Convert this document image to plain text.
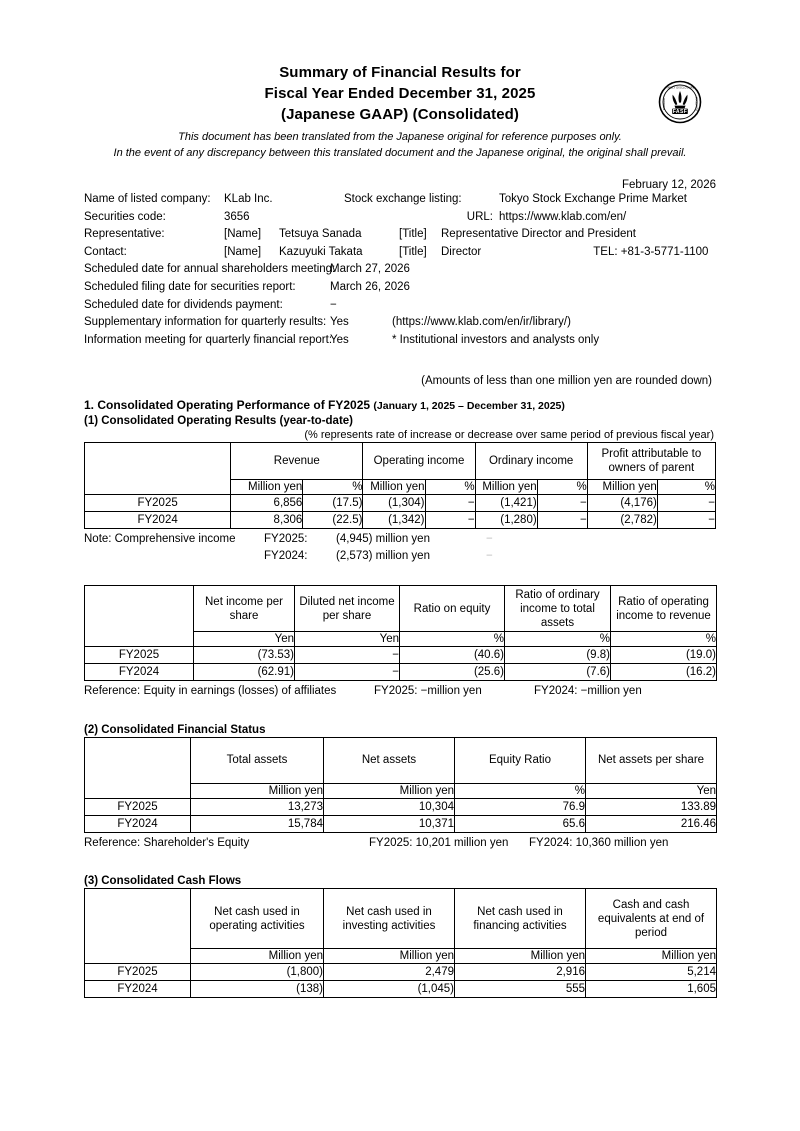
FASF
TIMELY DISCLOSURE
FINANCIAL	STANDARDS
Summary of Financial Results for
Fiscal Year Ended December 31, 2025
(Japanese GAAP) (Consolidated)
This document has been translated from the Japanese original for reference purposes only.
In the event of any discrepancy between this translated document and the Japanese original, the original shall prevail.
February 12, 2026
Name of listed company:	KLab Inc.	Stock exchange listing:	Tokyo Stock Exchange Prime Market
Securities code:	3656	URL: https://www.klab.com/en/
Representative:	[Name]	Tetsuya Sanada	[Title]	Representative Director and President
Contact:	[Name]	Kazuyuki Takata	[Title]	Director	TEL: +81-3-5771-1100
Scheduled date for annual shareholders meeting:
March 27, 2026
Scheduled filing date for securities report:	March 26, 2026
Scheduled date for dividends payment:	−
Supplementary information for quarterly results: Yes	(https://www.klab.com/en/ir/library/)
Information meeting for quarterly financial report:
Yes	* Institutional investors and analysts only
(Amounts of less than one million yen are rounded down)
1. Consolidated Operating Performance of FY2025 (January 1, 2025 – December 31, 2025)
(1) Consolidated Operating Results (year-to-date)
(% represents rate of increase or decrease over same period of previous fiscal year)
	Revenue		Operating income		Ordinary income		Profit attributable to owners of parent	
	Million yen	%	Million yen	%	Million yen	%	Million yen	%
FY2025	6,856	(17.5)	(1,304)	−	(1,421)	−	(4,176)	−
FY2024	8,306	(22.5)	(1,342)	−	(1,280)	−	(2,782)	−
Note: Comprehensive income	FY2025:	(4,945) million yen	−
FY2024:	(2,573) million yen	−
	Net income per share	Diluted net income per share	Ratio on equity	Ratio of ordinary income to total assets	Ratio of operating income to revenue
	Yen	Yen	%	%	%
FY2025	(73.53)	−	(40.6)	(9.8)	(19.0)
FY2024	(62.91)	−	(25.6)	(7.6)	(16.2)
Reference: Equity in earnings (losses) of affiliates	FY2025: −million yen	FY2024: −million yen
(2) Consolidated Financial Status
	Total assets	Net assets	Equity Ratio	Net assets per share
	Million yen	Million yen	%	Yen
FY2025	13,273	10,304	76.9	133.89
FY2024	15,784	10,371	65.6	216.46
Reference: Shareholder's Equity	FY2025: 10,201 million yen	FY2024: 10,360 million yen
(3) Consolidated Cash Flows
	Net cash used in operating activities	Net cash used in investing activities	Net cash used in financing activities	Cash and cash equivalents at end of period
	Million yen	Million yen	Million yen	Million yen
FY2025	(1,800)	2,479	2,916	5,214
FY2024	(138)	(1,045)	555	1,605
